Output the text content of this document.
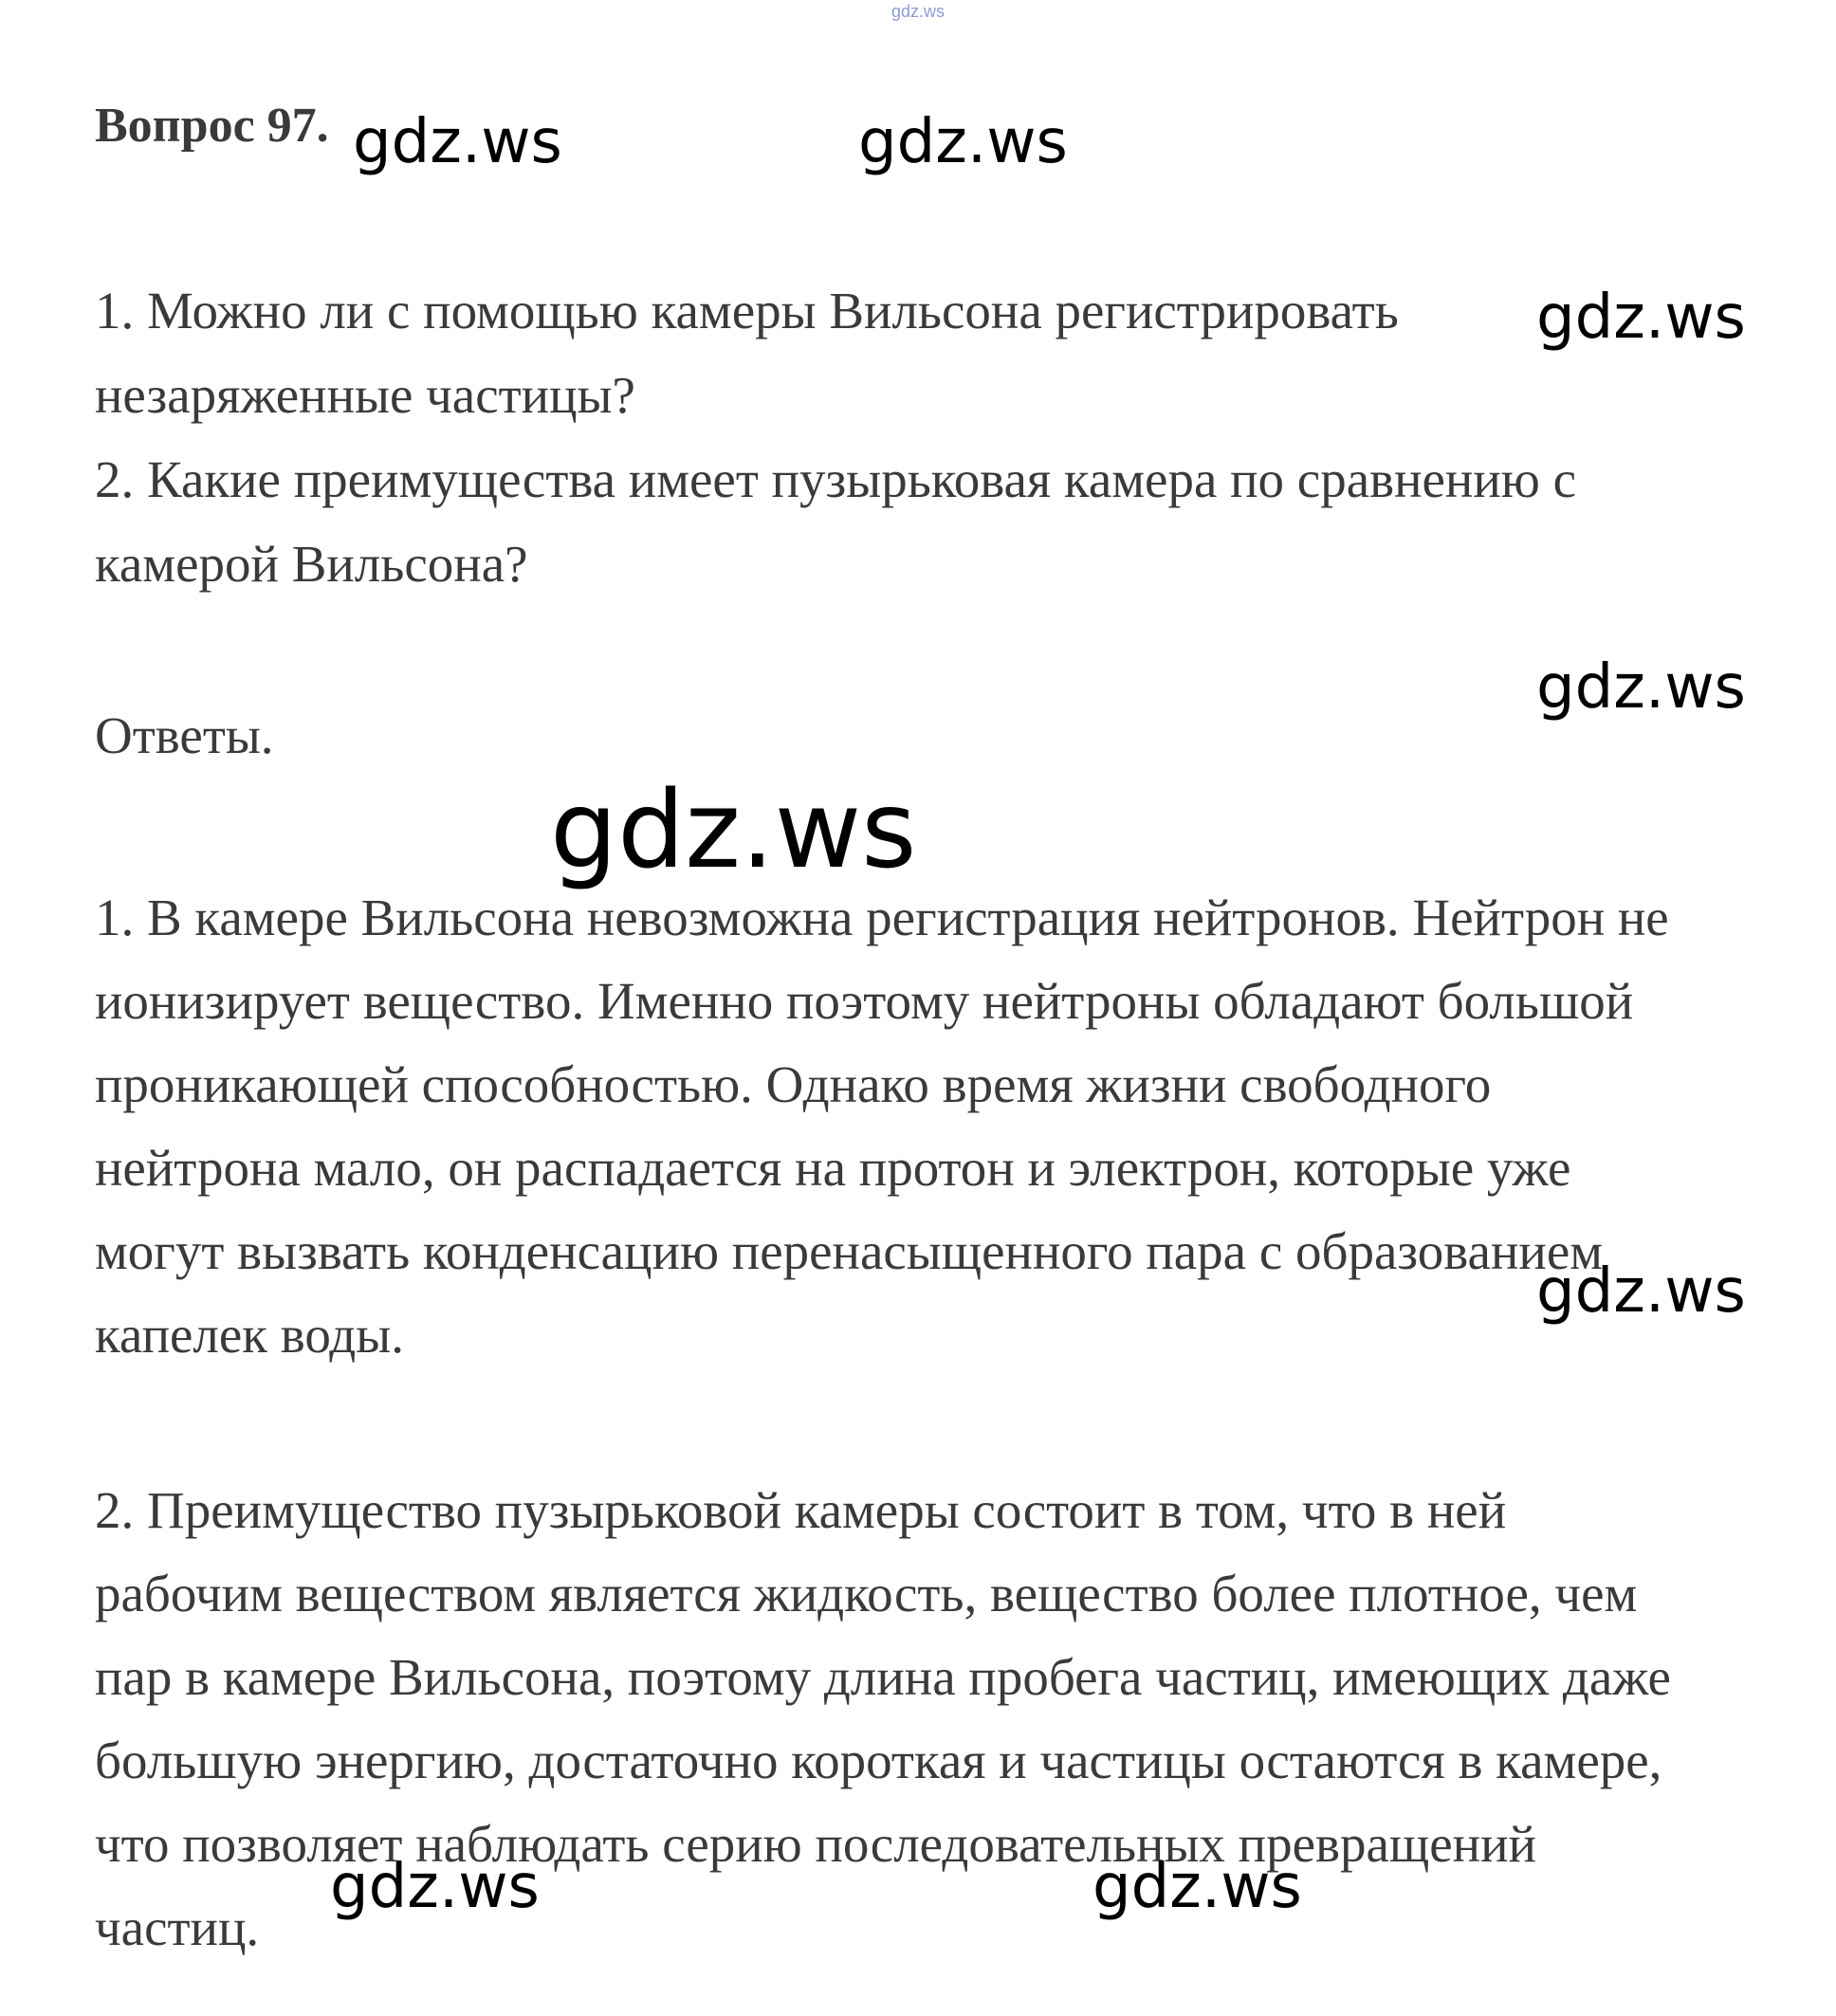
gdz.ws
Вопрос 97.
1. Можно ли с помощью камеры Вильсона регистрировать
незаряженные частицы?
2. Какие преимущества имеет пузырьковая камера по сравнению с
камерой Вильсона?
Ответы.
1. В камере Вильсона невозможна регистрация нейтронов. Нейтрон не
ионизирует вещество. Именно поэтому нейтроны обладают большой
проникающей способностью. Однако время жизни свободного
нейтрона мало, он распадается на протон и электрон, которые уже
могут вызвать конденсацию перенасыщенного пара с образованием
капелек воды.
2. Преимущество пузырьковой камеры состоит в том, что в ней
рабочим веществом является жидкость, вещество более плотное, чем
пар в камере Вильсона, поэтому длина пробега частиц, имеющих даже
большую энергию, достаточно короткая и частицы остаются в камере,
что позволяет наблюдать серию последовательных превращений
частиц.
gdz.ws	gdz.ws
gdz.ws
gdz.ws
gdz.ws
gdz.ws
gdz.ws	gdz.ws
